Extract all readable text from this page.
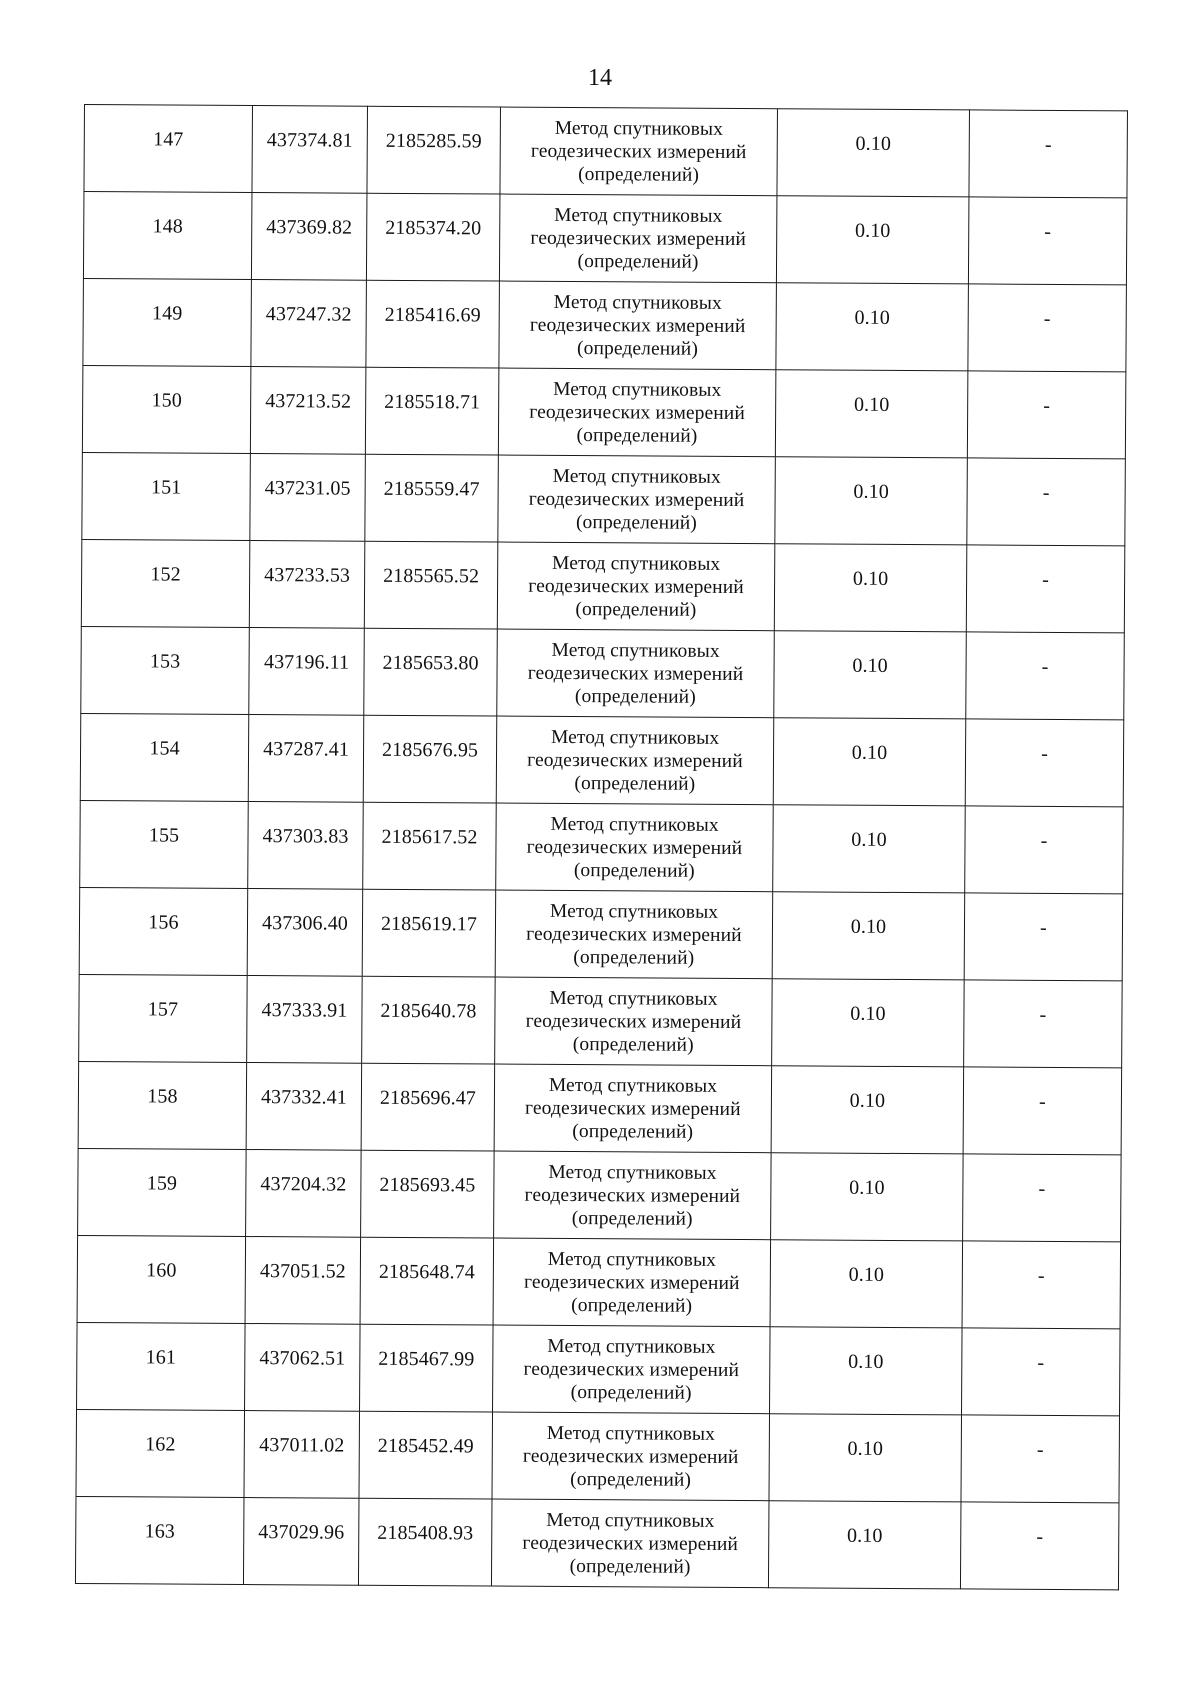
14
147	437374.81	2185285.59	Метод спутниковых
геодезических измерений
(определений)	0.10	-
148	437369.82	2185374.20	Метод спутниковых
геодезических измерений
(определений)	0.10	-
149	437247.32	2185416.69	Метод спутниковых
геодезических измерений
(определений)	0.10	-
150	437213.52	2185518.71	Метод спутниковых
геодезических измерений
(определений)	0.10	-
151	437231.05	2185559.47	Метод спутниковых
геодезических измерений
(определений)	0.10	-
152	437233.53	2185565.52	Метод спутниковых
геодезических измерений
(определений)	0.10	-
153	437196.11	2185653.80	Метод спутниковых
геодезических измерений
(определений)	0.10	-
154	437287.41	2185676.95	Метод спутниковых
геодезических измерений
(определений)	0.10	-
155	437303.83	2185617.52	Метод спутниковых
геодезических измерений
(определений)	0.10	-
156	437306.40	2185619.17	Метод спутниковых
геодезических измерений
(определений)	0.10	-
157	437333.91	2185640.78	Метод спутниковых
геодезических измерений
(определений)	0.10	-
158	437332.41	2185696.47	Метод спутниковых
геодезических измерений
(определений)	0.10	-
159	437204.32	2185693.45	Метод спутниковых
геодезических измерений
(определений)	0.10	-
160	437051.52	2185648.74	Метод спутниковых
геодезических измерений
(определений)	0.10	-
161	437062.51	2185467.99	Метод спутниковых
геодезических измерений
(определений)	0.10	-
162	437011.02	2185452.49	Метод спутниковых
геодезических измерений
(определений)	0.10	-
163	437029.96	2185408.93	Метод спутниковых
геодезических измерений
(определений)	0.10	-
